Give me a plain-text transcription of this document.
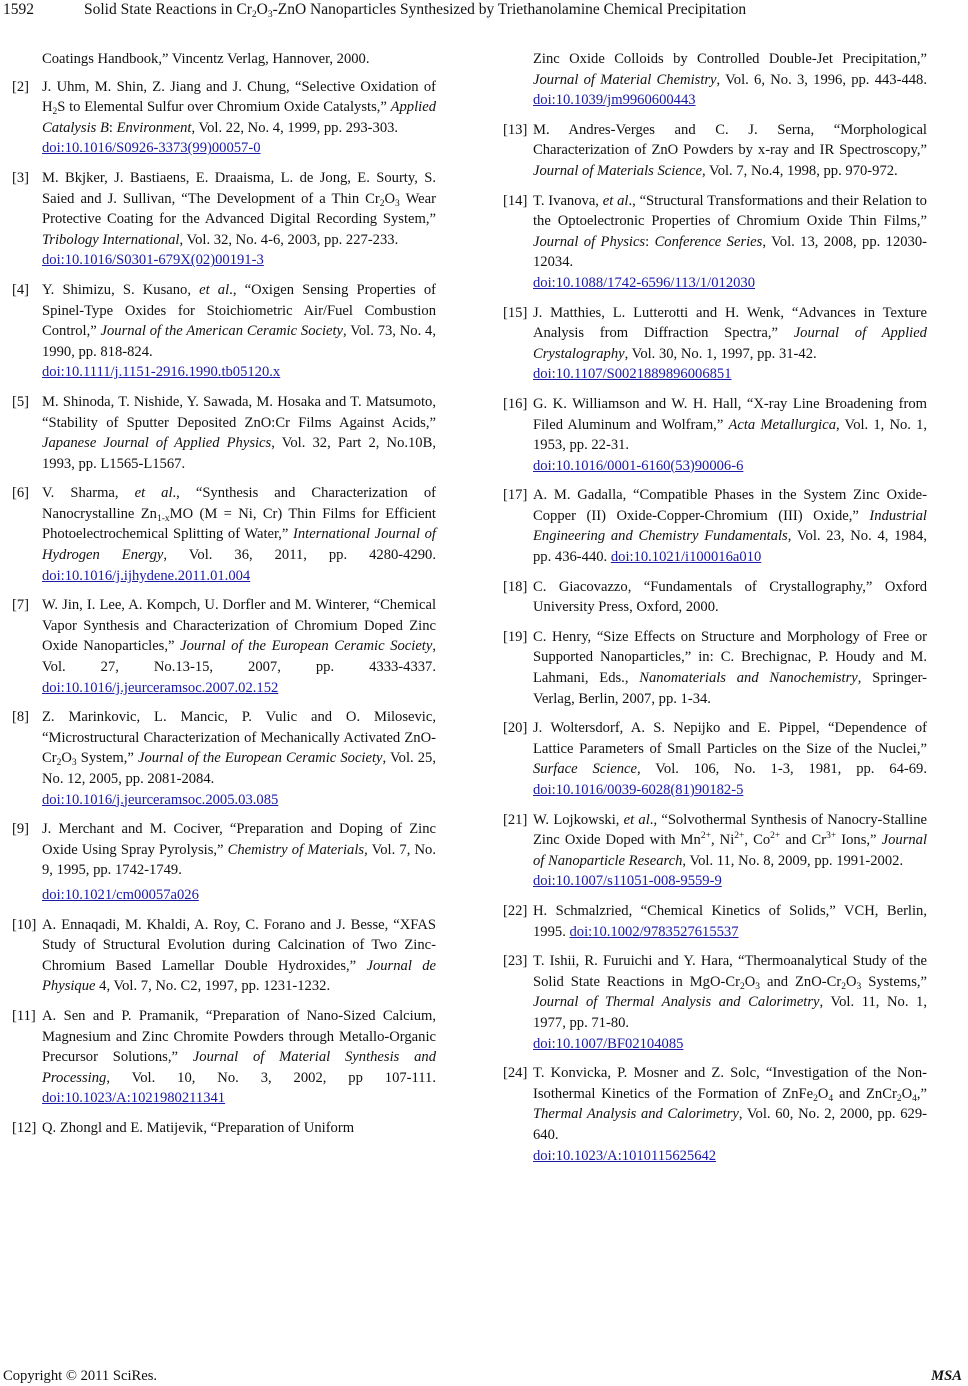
1592	Solid State Reactions in $Cr_2O_3$-ZnO Nanoparticles Synthesized by Triethanolamine Chemical Precipitation
Coatings Handbook,” Vincentz Verlag, Hannover, 2000.
[2] J. Uhm, M. Shin, Z. Jiang and J. Chung, “Selective Oxidation of $H_2S$ to Elemental Sulfur over Chromium Oxide Catalysts,” Applied Catalysis B: Environment, Vol. 22, No. 4, 1999, pp. 293-303.
doi:10.1016/S0926-3373(99)00057-0
[3] M. Bkjker, J. Bastiaens, E. Draaisma, L. de Jong, E. Sourty, S. Saied and J. Sullivan, “The Development of a Thin $Cr_2O_3$ Wear Protective Coating for the Advanced Digital Recording System,” Tribology International, Vol. 32, No. 4-6, 2003, pp. 227-233.
doi:10.1016/S0301-679X(02)00191-3
[4] Y. Shimizu, S. Kusano, et al., “Oxigen Sensing Properties of Spinel-Type Oxides for Stoichiometric Air/Fuel Combustion Control,” Journal of the American Ceramic Society, Vol. 73, No. 4, 1990, pp. 818-824.
doi:10.1111/j.1151-2916.1990.tb05120.x
[5] M. Shinoda, T. Nishide, Y. Sawada, M. Hosaka and T. Matsumoto, “Stability of Sputter Deposited ZnO:Cr Films Against Acids,” Japanese Journal of Applied Physics, Vol. 32, Part 2, No.10B, 1993, pp. L1565-L1567.
[6] V. Sharma, et al., “Synthesis and Characterization of Nanocrystalline $Zn_{1-x}MO$ (M = Ni, Cr) Thin Films for Efficient Photoelectrochemical Splitting of Water,” International Journal of Hydrogen Energy, Vol. 36, 2011, pp. 4280-4290. doi:10.1016/j.ijhydene.2011.01.004
[7] W. Jin, I. Lee, A. Kompch, U. Dorfler and M. Winterer, “Chemical Vapor Synthesis and Characterization of Chromium Doped Zinc Oxide Nanoparticles,” Journal of the European Ceramic Society, Vol. 27, No.13-15, 2007, pp. 4333-4337. doi:10.1016/j.jeurceramsoc.2007.02.152
[8] Z. Marinkovic, L. Mancic, P. Vulic and O. Milosevic, “Microstructural Characterization of Mechanically Activated ZnO-$Cr_2O_3$ System,” Journal of the European Ceramic Society, Vol. 25, No. 12, 2005, pp. 2081-2084.
doi:10.1016/j.jeurceramsoc.2005.03.085
[9] J. Merchant and M. Cociver, “Preparation and Doping of Zinc Oxide Using Spray Pyrolysis,” Chemistry of Materials, Vol. 7, No. 9, 1995, pp. 1742-1749.
doi:10.1021/cm00057a026
[10] A. Ennaqadi, M. Khaldi, A. Roy, C. Forano and J. Besse, “XFAS Study of Structural Evolution during Calcination of Two Zinc-Chromium Based Lamellar Double Hydroxides,” Journal de Physique 4, Vol. 7, No. C2, 1997, pp. 1231-1232.
[11] A. Sen and P. Pramanik, “Preparation of Nano-Sized Calcium, Magnesium and Zinc Chromite Powders through Metallo-Organic Precursor Solutions,” Journal of Material Synthesis and Processing, Vol. 10, No. 3, 2002, pp 107-111. doi:10.1023/A:1021980211341
[12] Q. Zhongl and E. Matijevik, “Preparation of Uniform
Zinc Oxide Colloids by Controlled Double-Jet Precipitation,” Journal of Material Chemistry, Vol. 6, No. 3, 1996, pp. 443-448. doi:10.1039/jm9960600443
[13] M. Andres-Verges and C. J. Serna, “Morphological Characterization of ZnO Powders by x-ray and IR Spectroscopy,” Journal of Materials Science, Vol. 7, No.4, 1998, pp. 970-972.
[14] T. Ivanova, et al., “Structural Transformations and their Relation to the Optoelectronic Properties of Chromium Oxide Thin Films,” Journal of Physics: Conference Series, Vol. 13, 2008, pp. 12030-12034.
doi:10.1088/1742-6596/113/1/012030
[15] J. Matthies, L. Lutterotti and H. Wenk, “Advances in Texture Analysis from Diffraction Spectra,” Journal of Applied Crystalography, Vol. 30, No. 1, 1997, pp. 31-42.
doi:10.1107/S0021889896006851
[16] G. K. Williamson and W. H. Hall, “X-ray Line Broadening from Filed Aluminum and Wolfram,” Acta Metallurgica, Vol. 1, No. 1, 1953, pp. 22-31.
doi:10.1016/0001-6160(53)90006-6
[17] A. M. Gadalla, “Compatible Phases in the System Zinc Oxide-Copper (II) Oxide-Copper-Chromium (III) Oxide,” Industrial Engineering and Chemistry Fundamentals, Vol. 23, No. 4, 1984, pp. 436-440. doi:10.1021/i100016a010
[18] C. Giacovazzo, “Fundamentals of Crystallography,” Oxford University Press, Oxford, 2000.
[19] C. Henry, “Size Effects on Structure and Morphology of Free or Supported Nanoparticles,” in: C. Brechignac, P. Houdy and M. Lahmani, Eds., Nanomaterials and Nanochemistry, Springer-Verlag, Berlin, 2007, pp. 1-34.
[20] J. Woltersdorf, A. S. Nepijko and E. Pippel, “Dependence of Lattice Parameters of Small Particles on the Size of the Nuclei,” Surface Science, Vol. 106, No. 1-3, 1981, pp. 64-69. doi:10.1016/0039-6028(81)90182-5
[21] W. Lojkowski, et al., “Solvothermal Synthesis of Nanocry-Stalline Zinc Oxide Doped with $Mn^{2+}$, $Ni^{2+}$, $Co^{2+}$ and $Cr^{3+}$ Ions,” Journal of Nanoparticle Research, Vol. 11, No. 8, 2009, pp. 1991-2002.
doi:10.1007/s11051-008-9559-9
[22] H. Schmalzried, “Chemical Kinetics of Solids,” VCH, Berlin, 1995. doi:10.1002/9783527615537
[23] T. Ishii, R. Furuichi and Y. Hara, “Thermoanalytical Study of the Solid State Reactions in MgO-$Cr_2O_3$ and ZnO-$Cr_2O_3$ Systems,” Journal of Thermal Analysis and Calorimetry, Vol. 11, No. 1, 1977, pp. 71-80.
doi:10.1007/BF02104085
[24] T. Konvicka, P. Mosner and Z. Solc, “Investigation of the Non-Isothermal Kinetics of the Formation of $ZnFe_2O_4$ and $ZnCr_2O_4$,” Thermal Analysis and Calorimetry, Vol. 60, No. 2, 2000, pp. 629-640.
doi:10.1023/A:1010115625642
Copyright © 2011 SciRes.	MSA
